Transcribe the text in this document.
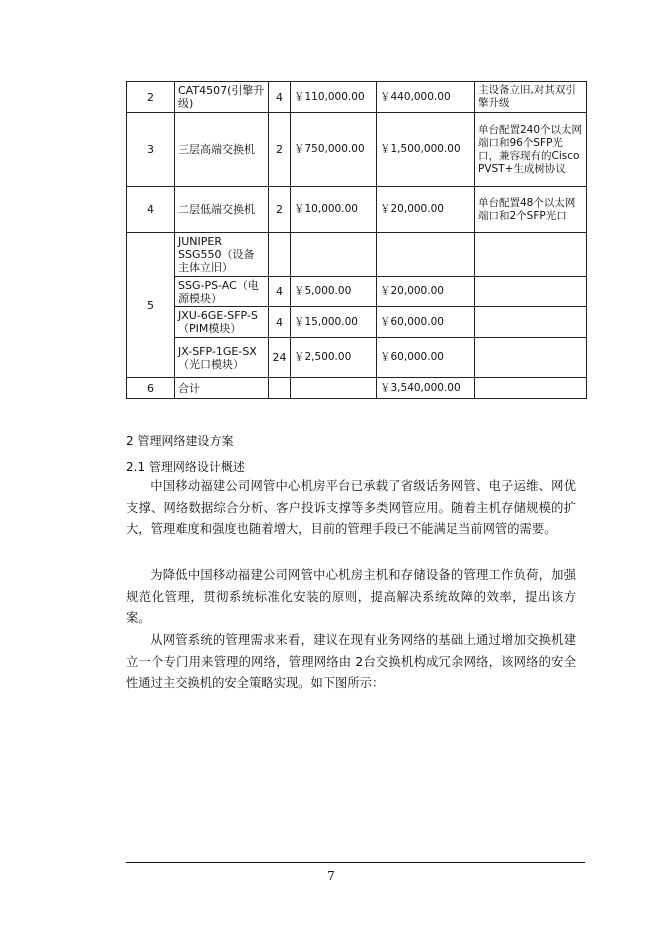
2	CAT4507(引擎升级)	4	￥110,000.00	￥440,000.00	主设备立旧,对其双引擎升级
3	三层高端交换机	2	￥750,000.00	￥1,500,000.00	单台配置240个以太网端口和96个SFP光口，兼容现有的Cisco PVST+生成树协议
4	二层低端交换机	2	￥10,000.00	￥20,000.00	单台配置48个以太网端口和2个SFP光口
5	JUNIPER SSG550（设备主体立旧）				
	SSG-PS-AC（电源模块）	4	￥5,000.00	￥20,000.00	
	JXU-6GE-SFP-S（PIM模块）	4	￥15,000.00	￥60,000.00	
	JX-SFP-1GE-SX（光口模块）	24	￥2,500.00	￥60,000.00	
6	合计			￥3,540,000.00	
2 管理网络建设方案
2.1 管理网络设计概述

中国移动福建公司网管中心机房平台已承载了省级话务网管、电子运维、网优支撑、网络数据综合分析、客户投诉支撑等多类网管应用。随着主机存储规模的扩大，管理难度和强度也随着增大，目前的管理手段已不能满足当前网管的需要。

为降低中国移动福建公司网管中心机房主机和存储设备的管理工作负荷，加强规范化管理，贯彻系统标准化安装的原则，提高解决系统故障的效率，提出该方案。

从网管系统的管理需求来看，建议在现有业务网络的基础上通过增加交换机建立一个专门用来管理的网络，管理网络由 2台交换机构成冗余网络，该网络的安全性通过主交换机的安全策略实现。如下图所示：

7
